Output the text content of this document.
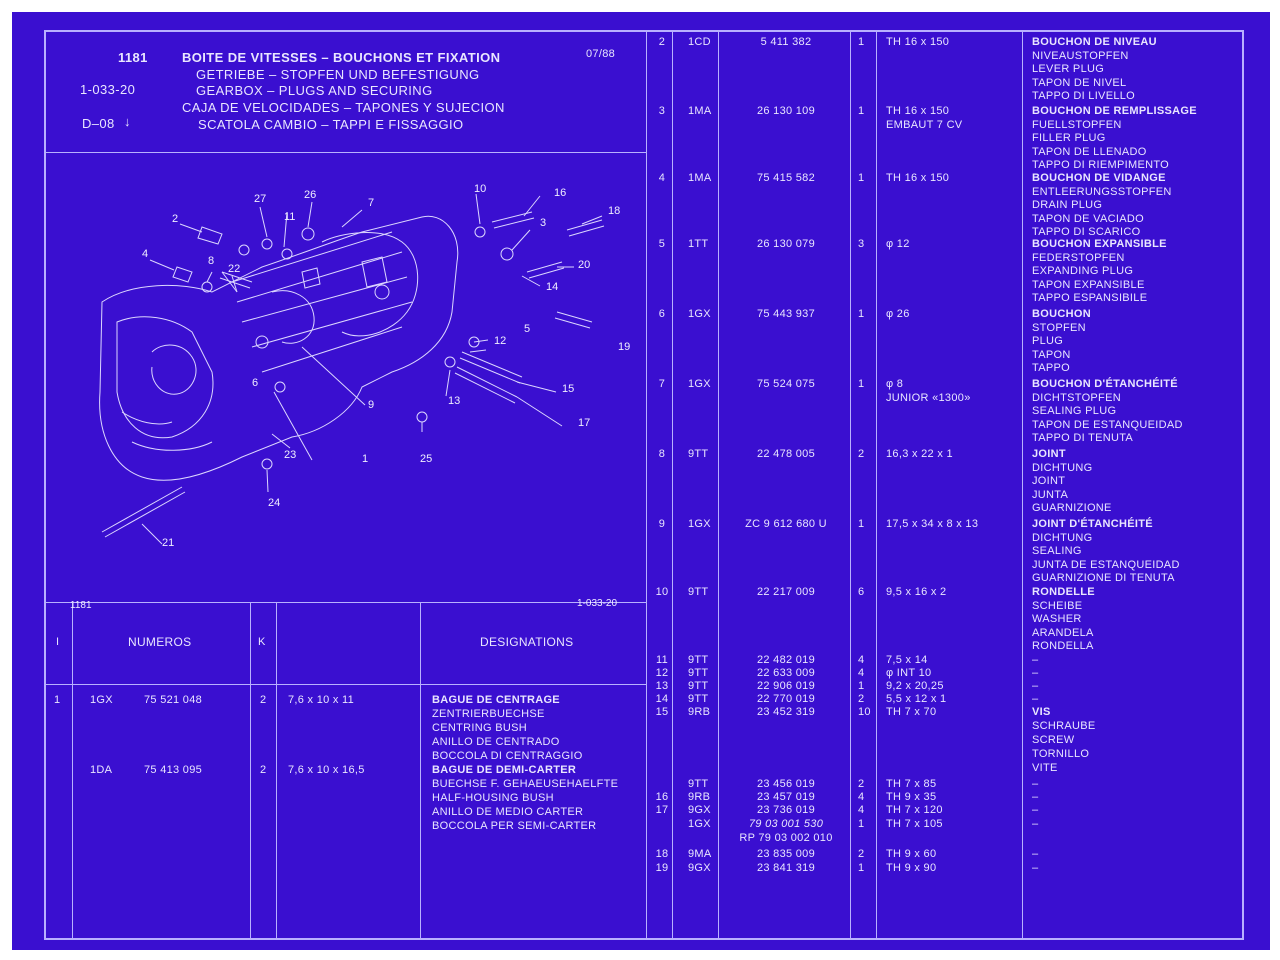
1181
1-033-20
D–08 ↓
07/88
BOITE DE VITESSES – BOUCHONS ET FIXATION
GETRIEBE – STOPFEN UND BEFESTIGUNG
GEARBOX – PLUGS AND SECURING
CAJA DE VELOCIDADES – TAPONES Y SUJECION
SCATOLA CAMBIO – TAPPI E FISSAGGIO
1
2	3
4
5
6
7
8
9
10
11
12
13
14
15
16
17
18
19
20
21
22
23
24
25
26
27
1181	1-033-20
I	NUMEROS	K	DESIGNATIONS
1	1GX	75 521 048	2 7,6 x 10 x 11	BAGUE DE CENTRAGE
ZENTRIERBUECHSE
CENTRING BUSH
ANILLO DE CENTRADO
BOCCOLA DI CENTRAGGIO
1DA	75 413 095	2 7,6 x 10 x 16,5	BAGUE DE DEMI-CARTER
BUECHSE F. GEHAEUSEHAELFTE
HALF-HOUSING BUSH
ANILLO DE MEDIO CARTER
BOCCOLA PER SEMI-CARTER
2	1CD	5 411 382	1 TH 16 x 150	BOUCHON DE NIVEAU
NIVEAUSTOPFEN
LEVER PLUG
TAPON DE NIVEL
TAPPO DI LIVELLO
3	1MA	26 130 109	1 TH 16 x 150
EMBAUT 7 CV
BOUCHON DE REMPLISSAGE
FUELLSTOPFEN
FILLER PLUG
TAPON DE LLENADO
TAPPO DI RIEMPIMENTO
4	1MA	75 415 582	1 TH 16 x 150	BOUCHON DE VIDANGE
ENTLEERUNGSSTOPFEN
DRAIN PLUG
TAPON DE VACIADO
TAPPO DI SCARICO
5	1TT	26 130 079	3 φ 12	BOUCHON EXPANSIBLE
FEDERSTOPFEN
EXPANDING PLUG
TAPON EXPANSIBLE
TAPPO ESPANSIBILE
6	1GX	75 443 937	1 φ 26	BOUCHON
STOPFEN
PLUG
TAPON
TAPPO
7	1GX	75 524 075	1 φ 8
JUNIOR «1300»
BOUCHON D'ÉTANCHÉITÉ
DICHTSTOPFEN
SEALING PLUG
TAPON DE ESTANQUEIDAD
TAPPO DI TENUTA
8	9TT	22 478 005	2 16,3 x 22 x 1	JOINT
DICHTUNG
JOINT
JUNTA
GUARNIZIONE
9	1GX	ZC 9 612 680 U	1 17,5 x 34 x 8 x 13	JOINT D'ÉTANCHÉITÉ
DICHTUNG
SEALING
JUNTA DE ESTANQUEIDAD
GUARNIZIONE DI TENUTA
10 9TT	22 217 009	6 9,5 x 16 x 2	RONDELLE
SCHEIBE
WASHER
ARANDELA
RONDELLA
11 9TT	22 482 019	4 7,5 x 14	–
12 9TT	22 633 009	4 φ INT 10	–
13 9TT	22 906 019	1 9,2 x 20,25	–
14 9TT	22 770 019	2 5,5 x 12 x 1	–
15 9RB	23 452 319	10 TH 7 x 70	VIS
SCHRAUBE
SCREW
TORNILLO
VITE
9TT	23 456 019	2 TH 7 x 85	–
16 9RB	23 457 019	4 TH 9 x 35	–
17 9GX	23 736 019	4 TH 7 x 120	–
1GX	79 03 001 530	1 TH 7 x 105	–
RP 79 03 002 010
18 9MA	23 835 009	2 TH 9 x 60	–
19 9GX	23 841 319	1 TH 9 x 90	–
